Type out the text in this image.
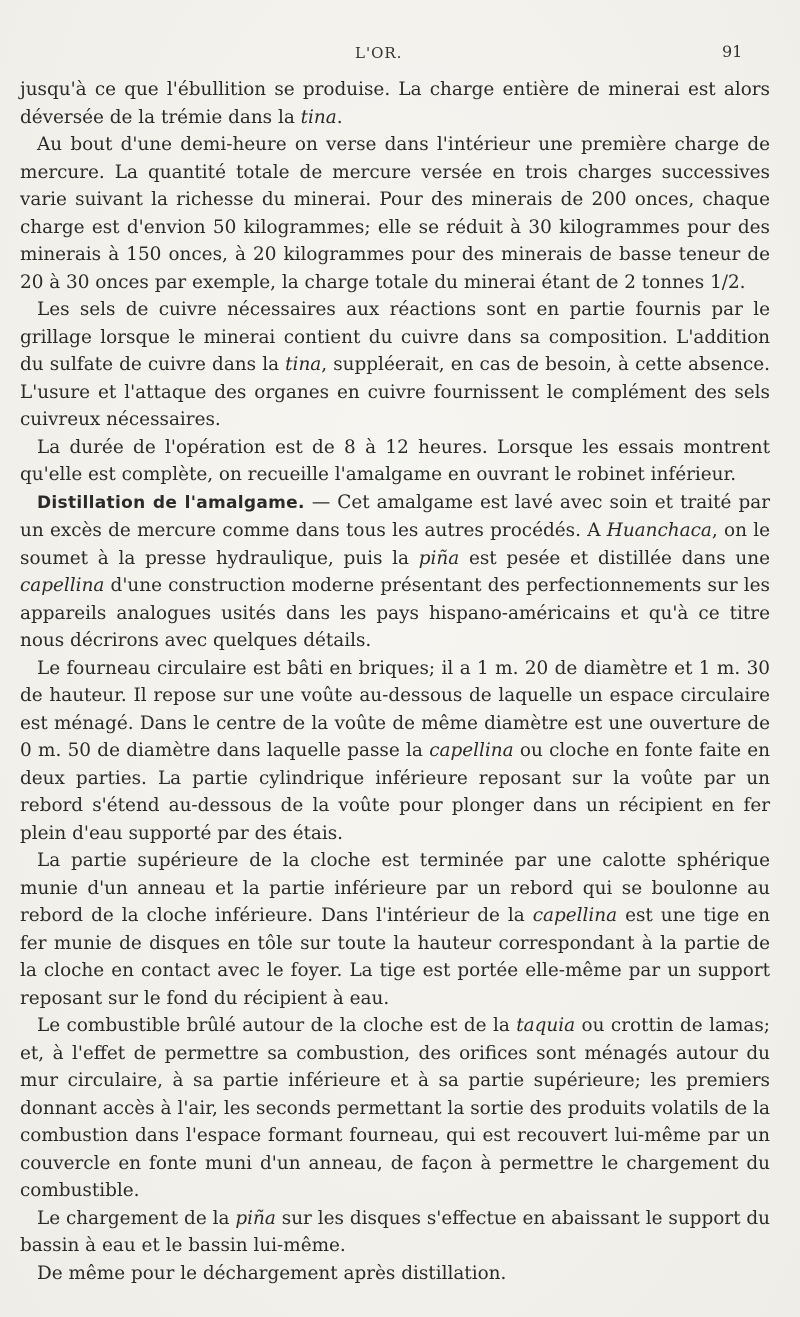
L'OR.	91

jusqu'à ce que l'ébullition se produise. La charge entière de minerai est alors déversée de la trémie dans la tina.

Au bout d'une demi-heure on verse dans l'intérieur une première charge de mercure. La quantité totale de mercure versée en trois charges successives varie suivant la richesse du minerai. Pour des minerais de 200 onces, chaque charge est d'envion 50 kilogrammes; elle se réduit à 30 kilogrammes pour des minerais à 150 onces, à 20 kilogrammes pour des minerais de basse teneur de 20 à 30 onces par exemple, la charge totale du minerai étant de 2 tonnes 1/2.

Les sels de cuivre nécessaires aux réactions sont en partie fournis par le grillage lorsque le minerai contient du cuivre dans sa composition. L'addition du sulfate de cuivre dans la tina, suppléerait, en cas de besoin, à cette absence. L'usure et l'attaque des organes en cuivre fournissent le complément des sels cuivreux nécessaires.

La durée de l'opération est de 8 à 12 heures. Lorsque les essais montrent qu'elle est complète, on recueille l'amalgame en ouvrant le robinet inférieur.

Distillation de l'amalgame. — Cet amalgame est lavé avec soin et traité par un excès de mercure comme dans tous les autres procédés. A Huanchaca, on le soumet à la presse hydraulique, puis la piña est pesée et distillée dans une capellina d'une construction moderne présentant des perfectionnements sur les appareils analogues usités dans les pays hispano-américains et qu'à ce titre nous décrirons avec quelques détails.

Le fourneau circulaire est bâti en briques; il a 1 m. 20 de diamètre et 1 m. 30 de hauteur. Il repose sur une voûte au-dessous de laquelle un espace circulaire est ménagé. Dans le centre de la voûte de même diamètre est une ouverture de 0 m. 50 de diamètre dans laquelle passe la capellina ou cloche en fonte faite en deux parties. La partie cylindrique inférieure reposant sur la voûte par un rebord s'étend au-dessous de la voûte pour plonger dans un récipient en fer plein d'eau supporté par des étais.

La partie supérieure de la cloche est terminée par une calotte sphérique munie d'un anneau et la partie inférieure par un rebord qui se boulonne au rebord de la cloche inférieure. Dans l'intérieur de la capellina est une tige en fer munie de disques en tôle sur toute la hauteur correspondant à la partie de la cloche en contact avec le foyer. La tige est portée elle-même par un support reposant sur le fond du récipient à eau.

Le combustible brûlé autour de la cloche est de la taquia ou crottin de lamas; et, à l'effet de permettre sa combustion, des orifices sont ménagés autour du mur circulaire, à sa partie inférieure et à sa partie supérieure; les premiers donnant accès à l'air, les seconds permettant la sortie des produits volatils de la combustion dans l'espace formant fourneau, qui est recouvert lui-même par un couvercle en fonte muni d'un anneau, de façon à permettre le chargement du combustible.

Le chargement de la piña sur les disques s'effectue en abaissant le support du bassin à eau et le bassin lui-même.

De même pour le déchargement après distillation.
